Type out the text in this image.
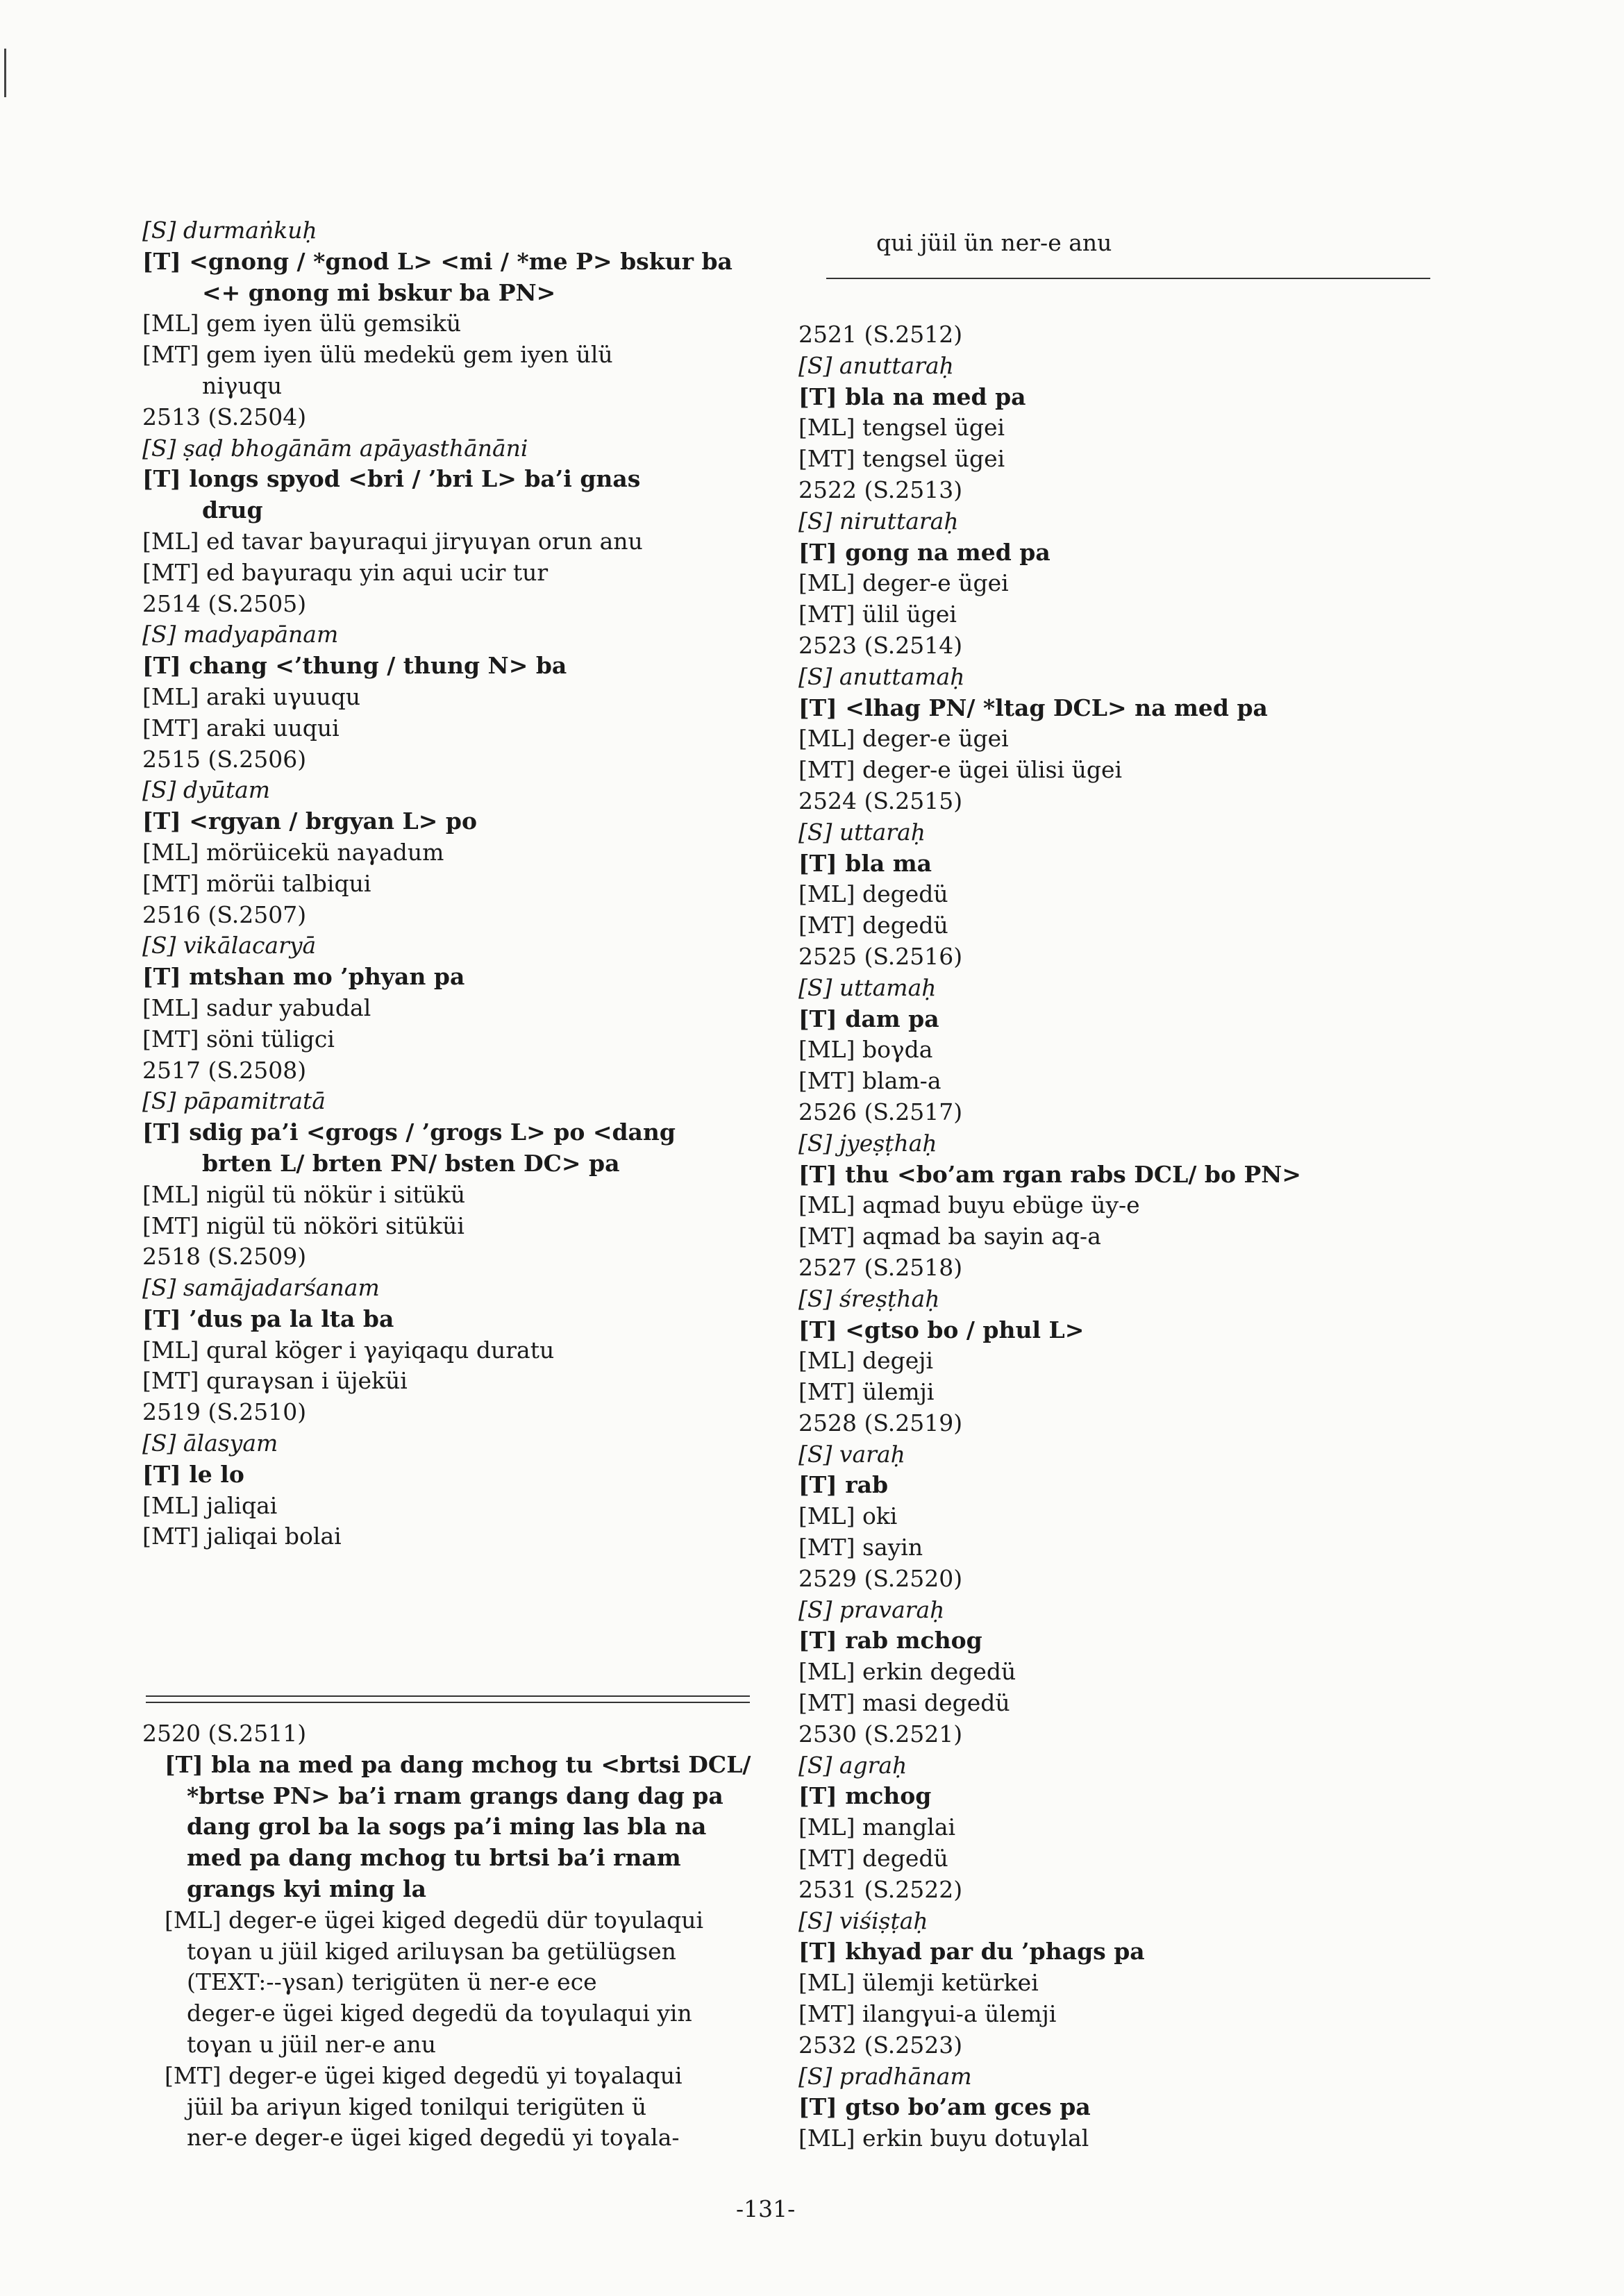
qui jüil ün ner-e anu
[S] durmaṅkuḥ
[T] <gnong / *gnod L> <mi / *me P> bskur ba
<+ gnong mi bskur ba PN>
[ML] gem iyen ülü gemsikü
[MT] gem iyen ülü medekü gem iyen ülü
niγuqu
2513 (S.2504)
[S] ṣaḍ bhogānām apāyasthānāni
[T] longs spyod <bri / ’bri L> ba’i gnas
drug
[ML] ed tavar baγuraqui jirγuγan orun anu
[MT] ed baγuraqu yin aqui ucir tur
2514 (S.2505)
[S] madyapānam
[T] chang <’thung / thung N> ba
[ML] araki uγuuqu
[MT] araki uuqui
2515 (S.2506)
[S] dyūtam
[T] <rgyan / brgyan L> po
[ML] mörüicekü naγadum
[MT] mörüi talbiqui
2516 (S.2507)
[S] vikālacaryā
[T] mtshan mo ’phyan pa
[ML] sadur yabudal
[MT] söni tüligci
2517 (S.2508)
[S] pāpamitratā
[T] sdig pa’i <grogs / ’grogs L> po <dang
brten L/ brten PN/ bsten DC> pa
[ML] nigül tü nökür i sitükü
[MT] nigül tü nököri sitüküi
2518 (S.2509)
[S] samājadarśanam
[T] ’dus pa la lta ba
[ML] qural köger i γayiqaqu duratu
[MT] quraγsan i üjeküi
2519 (S.2510)
[S] ālasyam
[T] le lo
[ML] jaliqai
[MT] jaliqai bolai
2520 (S.2511)
[T] bla na med pa dang mchog tu <brtsi DCL/
*brtse PN> ba’i rnam grangs dang dag pa
dang grol ba la sogs pa’i ming las bla na
med pa dang mchog tu brtsi ba’i rnam
grangs kyi ming la
[ML] deger-e ügei kiged degedü dür toγulaqui
toγan u jüil kiged ariluγsan ba getülügsen
(TEXT:--γsan) terigüten ü ner-e ece
deger-e ügei kiged degedü da toγulaqui yin
toγan u jüil ner-e anu
[MT] deger-e ügei kiged degedü yi toγalaqui
jüil ba ariγun kiged tonilqui terigüten ü
ner-e deger-e ügei kiged degedü yi toγala-
2521 (S.2512)
[S] anuttaraḥ
[T] bla na med pa
[ML] tengsel ügei
[MT] tengsel ügei
2522 (S.2513)
[S] niruttaraḥ
[T] gong na med pa
[ML] deger-e ügei
[MT] ülil ügei
2523 (S.2514)
[S] anuttamaḥ
[T] <lhag PN/ *ltag DCL> na med pa
[ML] deger-e ügei
[MT] deger-e ügei ülisi ügei
2524 (S.2515)
[S] uttaraḥ
[T] bla ma
[ML] degedü
[MT] degedü
2525 (S.2516)
[S] uttamaḥ
[T] dam pa
[ML] boγda
[MT] blam-a
2526 (S.2517)
[S] jyeṣṭhaḥ
[T] thu <bo’am rgan rabs DCL/ bo PN>
[ML] aqmad buyu ebüge üy-e
[MT] aqmad ba sayin aq-a
2527 (S.2518)
[S] śreṣṭhaḥ
[T] <gtso bo / phul L>
[ML] degeji
[MT] ülemji
2528 (S.2519)
[S] varaḥ
[T] rab
[ML] oki
[MT] sayin
2529 (S.2520)
[S] pravaraḥ
[T] rab mchog
[ML] erkin degedü
[MT] masi degedü
2530 (S.2521)
[S] agraḥ
[T] mchog
[ML] manglai
[MT] degedü
2531 (S.2522)
[S] viśiṣṭaḥ
[T] khyad par du ’phags pa
[ML] ülemji ketürkei
[MT] ilangγui-a ülemji
2532 (S.2523)
[S] pradhānam
[T] gtso bo’am gces pa
[ML] erkin buyu dotuγlal
-131-
